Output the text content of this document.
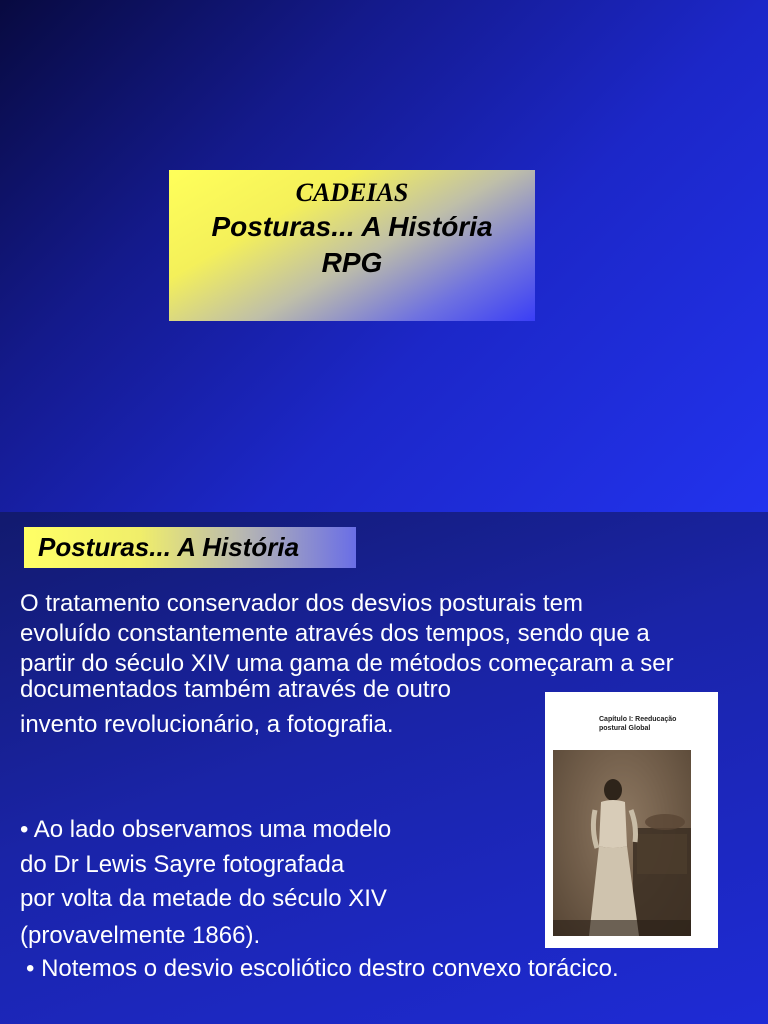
CADEIAS
Posturas... A História
RPG
Posturas... A História
O tratamento conservador dos desvios posturais tem
evoluído constantemente através dos tempos, sendo que a
partir do século XIV uma gama de métodos começaram a ser
documentados também através de outro
invento revolucionário, a fotografia.
• Ao lado observamos uma modelo
do Dr Lewis Sayre fotografada
por volta da metade do século XIV
(provavelmente 1866).
• Notemos o desvio escoliótico destro convexo torácico.
Capítulo I: Reeducação
postural Global
